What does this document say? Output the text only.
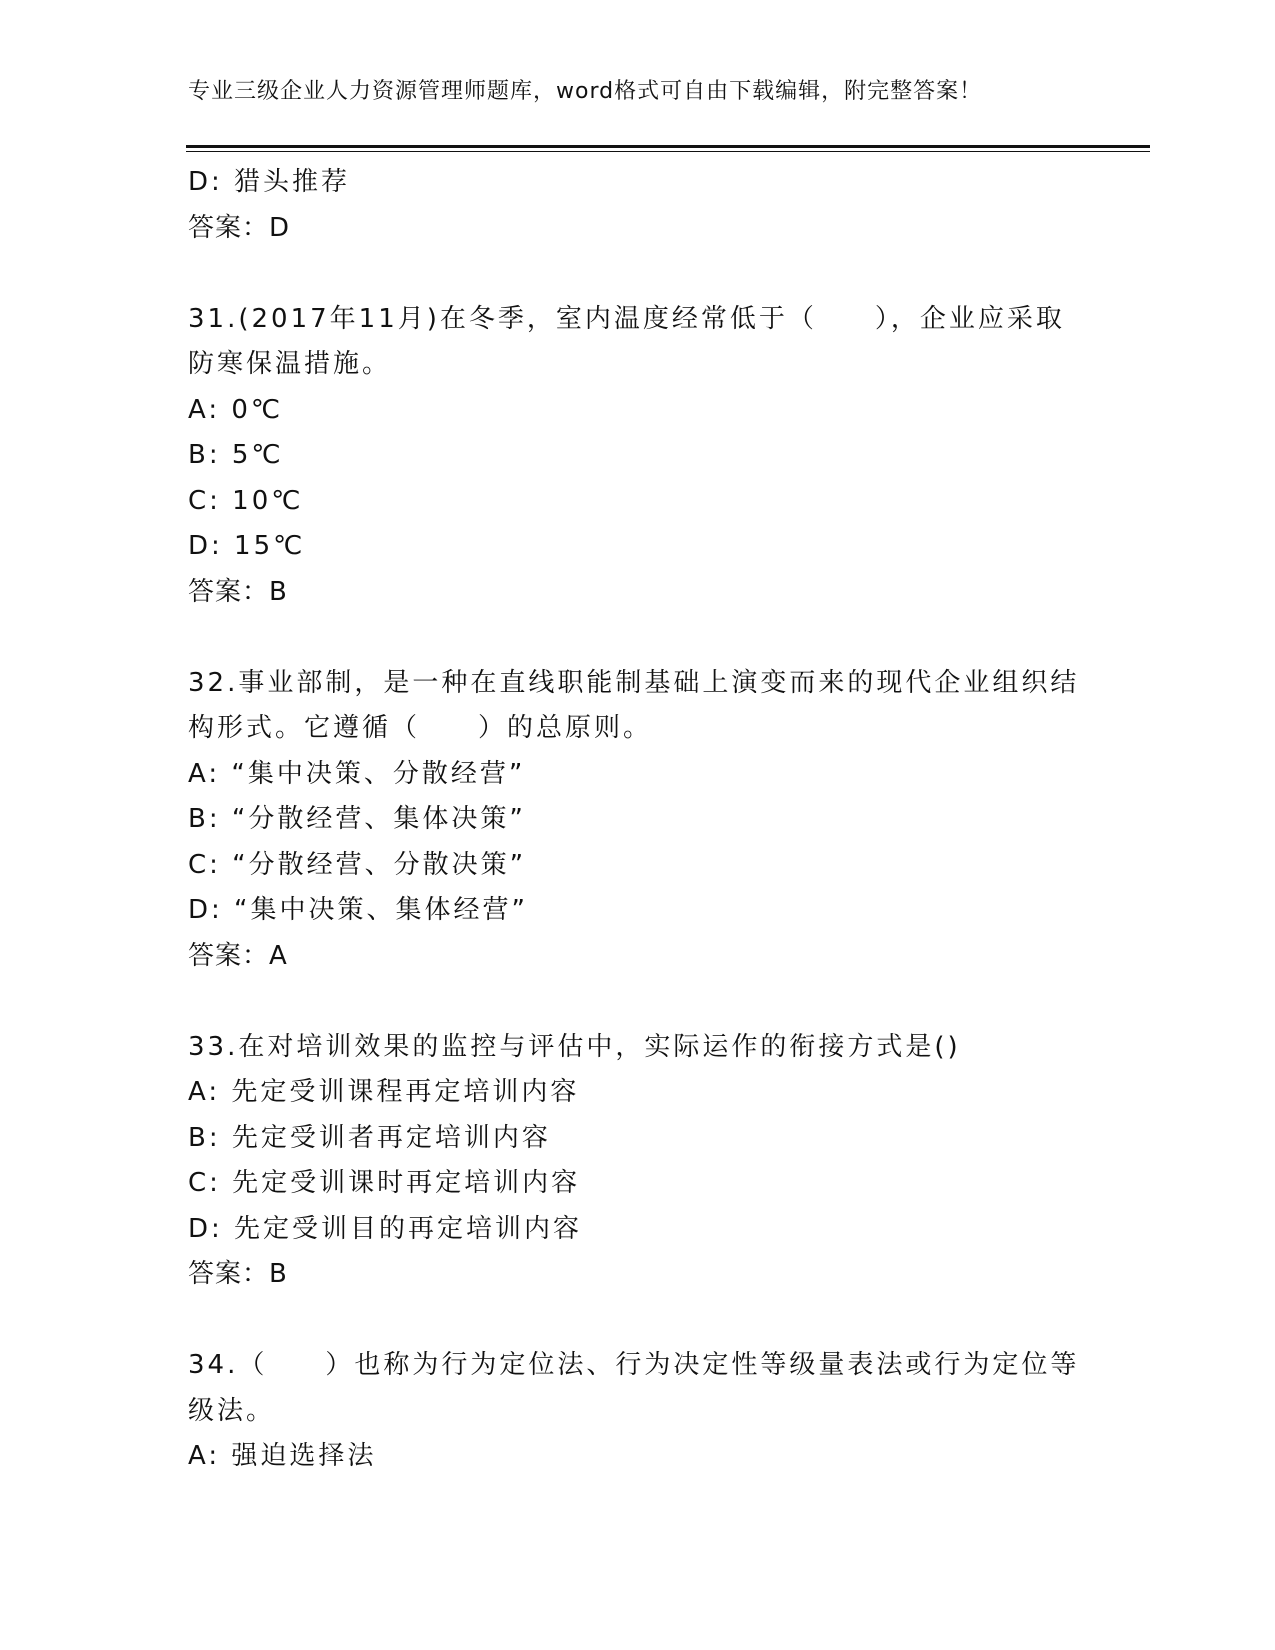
专业三级企业人力资源管理师题库，word格式可自由下载编辑，附完整答案！
D: 猎头推荐
答案：D
31.(2017年11月)在冬季，室内温度经常低于（　　），企业应采取
防寒保温措施。
A: 0℃
B: 5℃
C: 10℃
D: 15℃
答案：B
32.事业部制，是一种在直线职能制基础上演变而来的现代企业组织结
构形式。它遵循（　　）的总原则。
A: “集中决策、分散经营”
B: “分散经营、集体决策”
C: “分散经营、分散决策”
D: “集中决策、集体经营”
答案：A
33.在对培训效果的监控与评估中，实际运作的衔接方式是()
A: 先定受训课程再定培训内容
B: 先定受训者再定培训内容
C: 先定受训课时再定培训内容
D: 先定受训目的再定培训内容
答案：B
34.（　　）也称为行为定位法、行为决定性等级量表法或行为定位等
级法。
A: 强迫选择法
